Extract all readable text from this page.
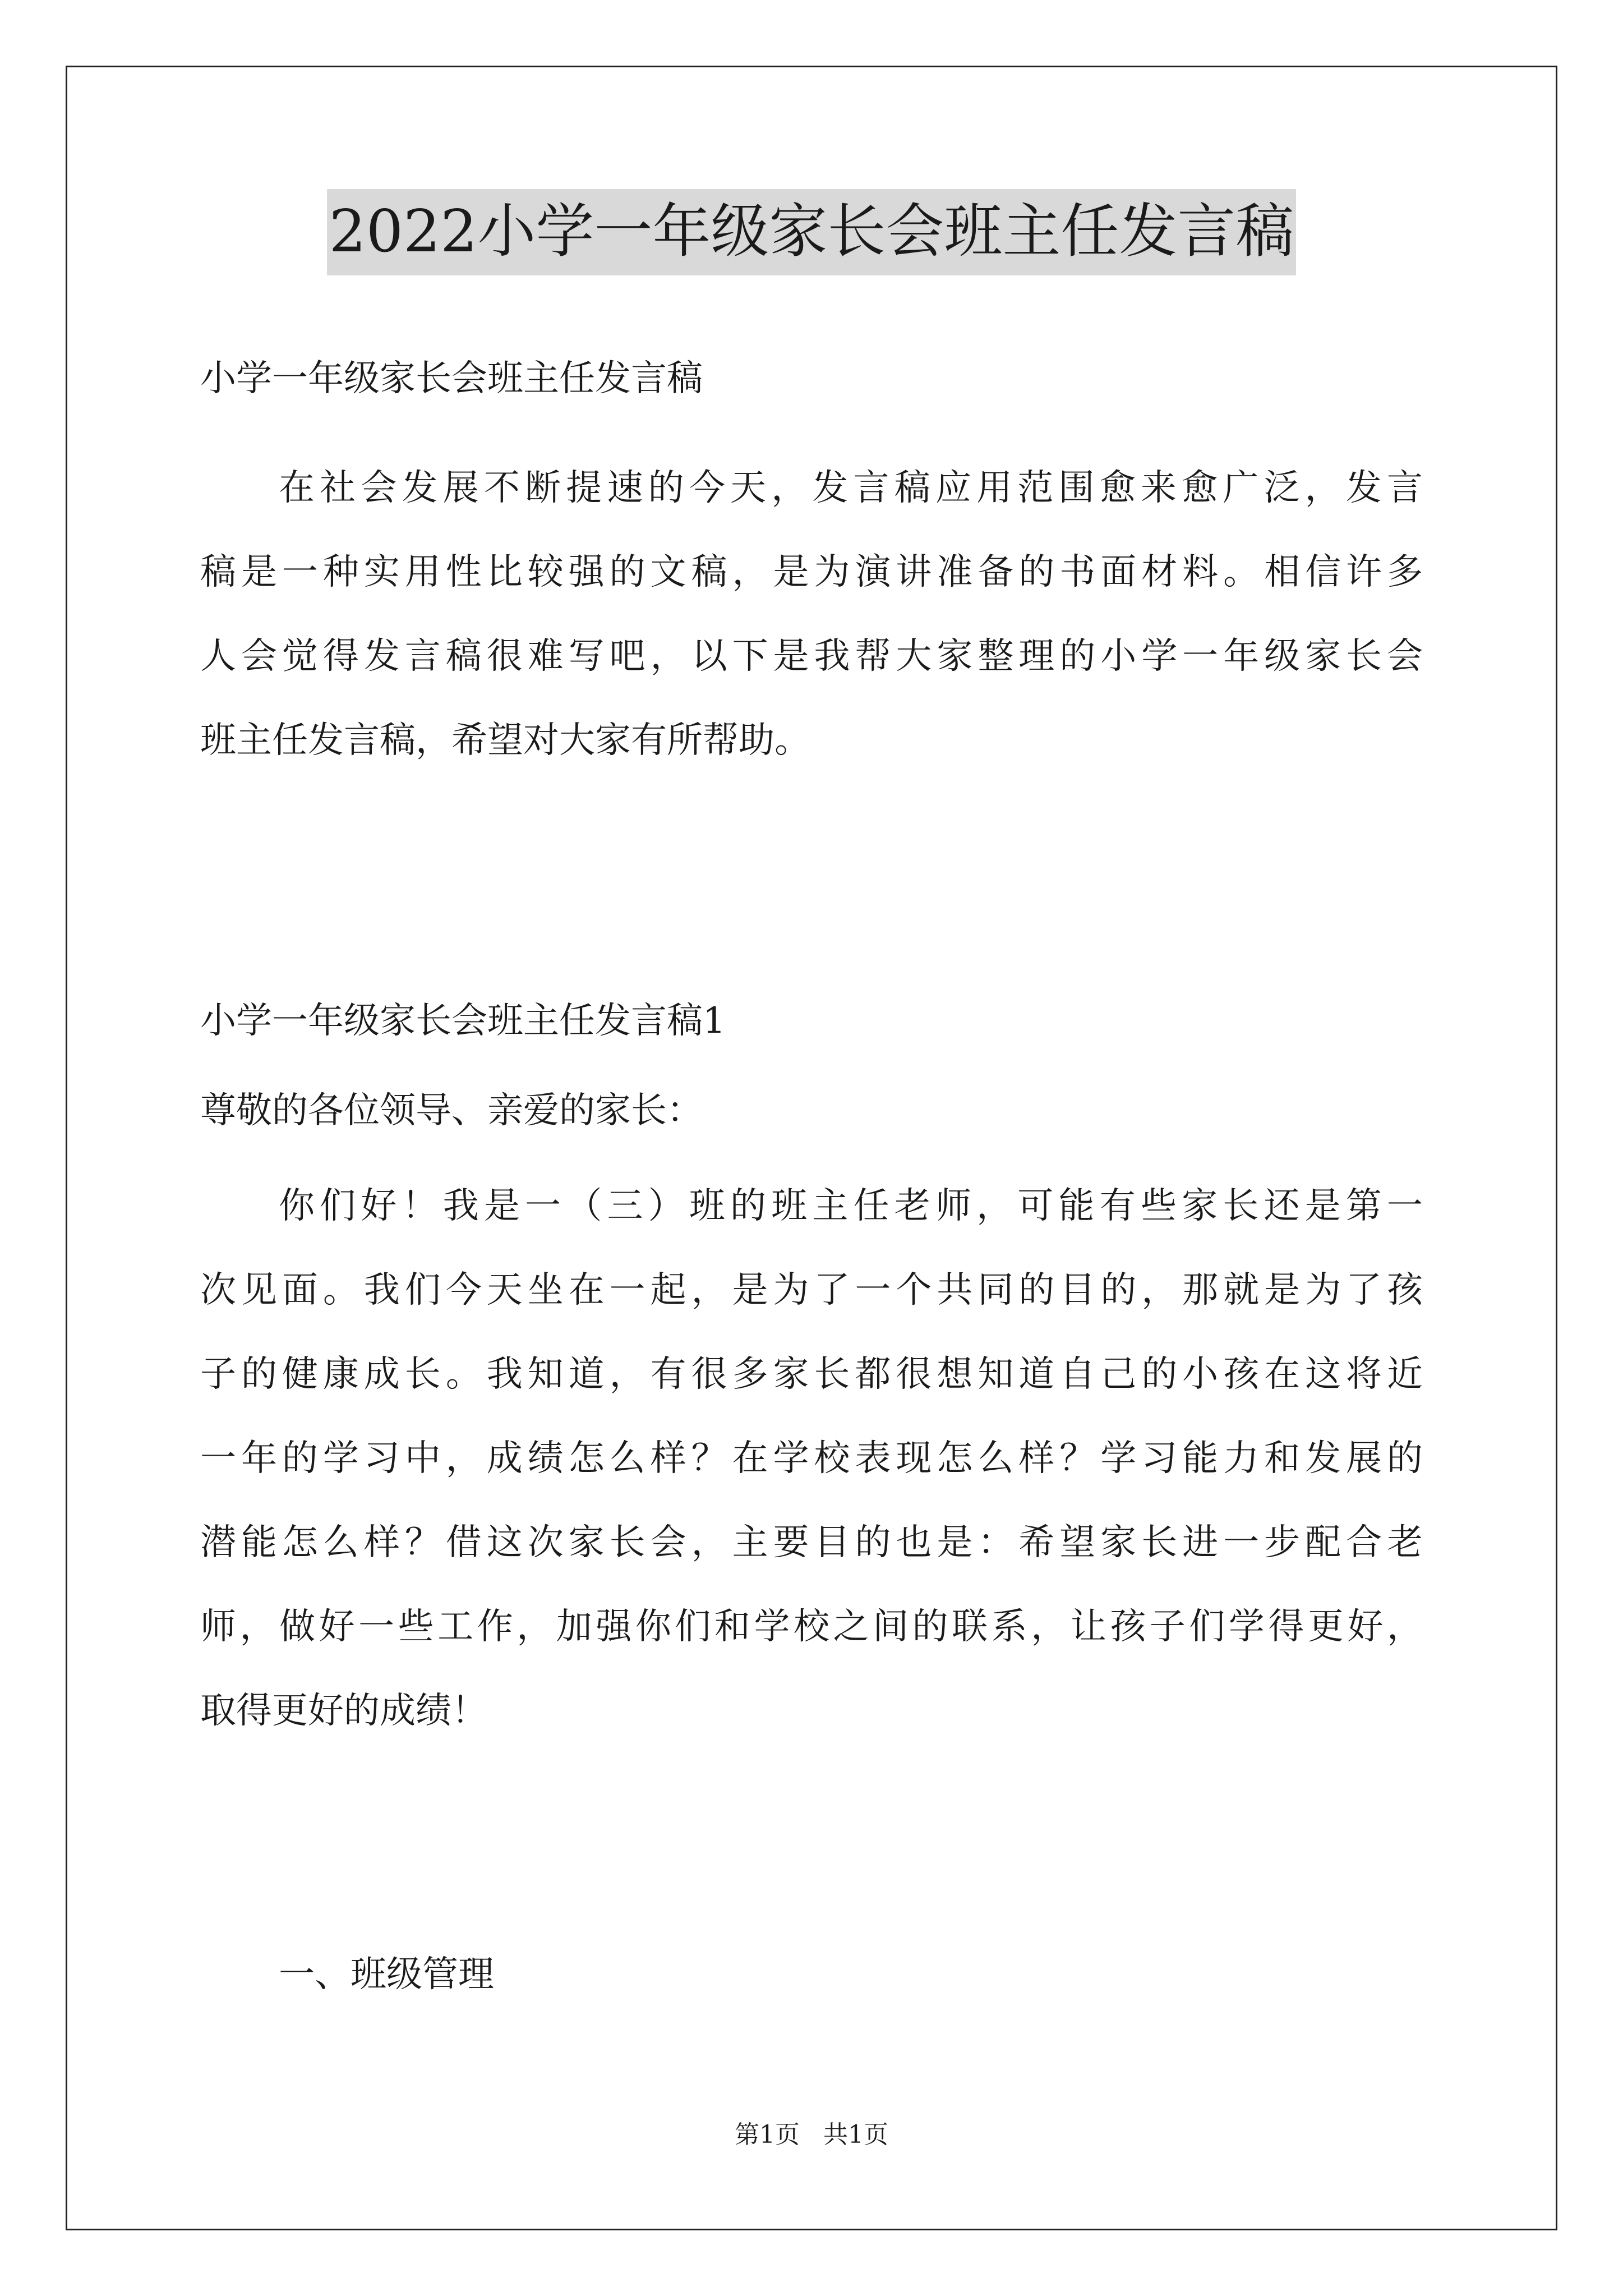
2022小学一年级家长会班主任发言稿
小学一年级家长会班主任发言稿
在社会发展不断提速的今天，发言稿应用范围愈来愈广泛，发言
稿是一种实用性比较强的文稿，是为演讲准备的书面材料。相信许多
人会觉得发言稿很难写吧，以下是我帮大家整理的小学一年级家长会
班主任发言稿，希望对大家有所帮助。
小学一年级家长会班主任发言稿1
尊敬的各位领导、亲爱的家长：
你们好！我是一（三）班的班主任老师，可能有些家长还是第一
次见面。我们今天坐在一起，是为了一个共同的目的，那就是为了孩
子的健康成长。我知道，有很多家长都很想知道自己的小孩在这将近
一年的学习中，成绩怎么样？在学校表现怎么样？学习能力和发展的
潜能怎么样？借这次家长会，主要目的也是：希望家长进一步配合老
师，做好一些工作，加强你们和学校之间的联系，让孩子们学得更好，
取得更好的成绩！
一、班级管理
第1页   共1页
